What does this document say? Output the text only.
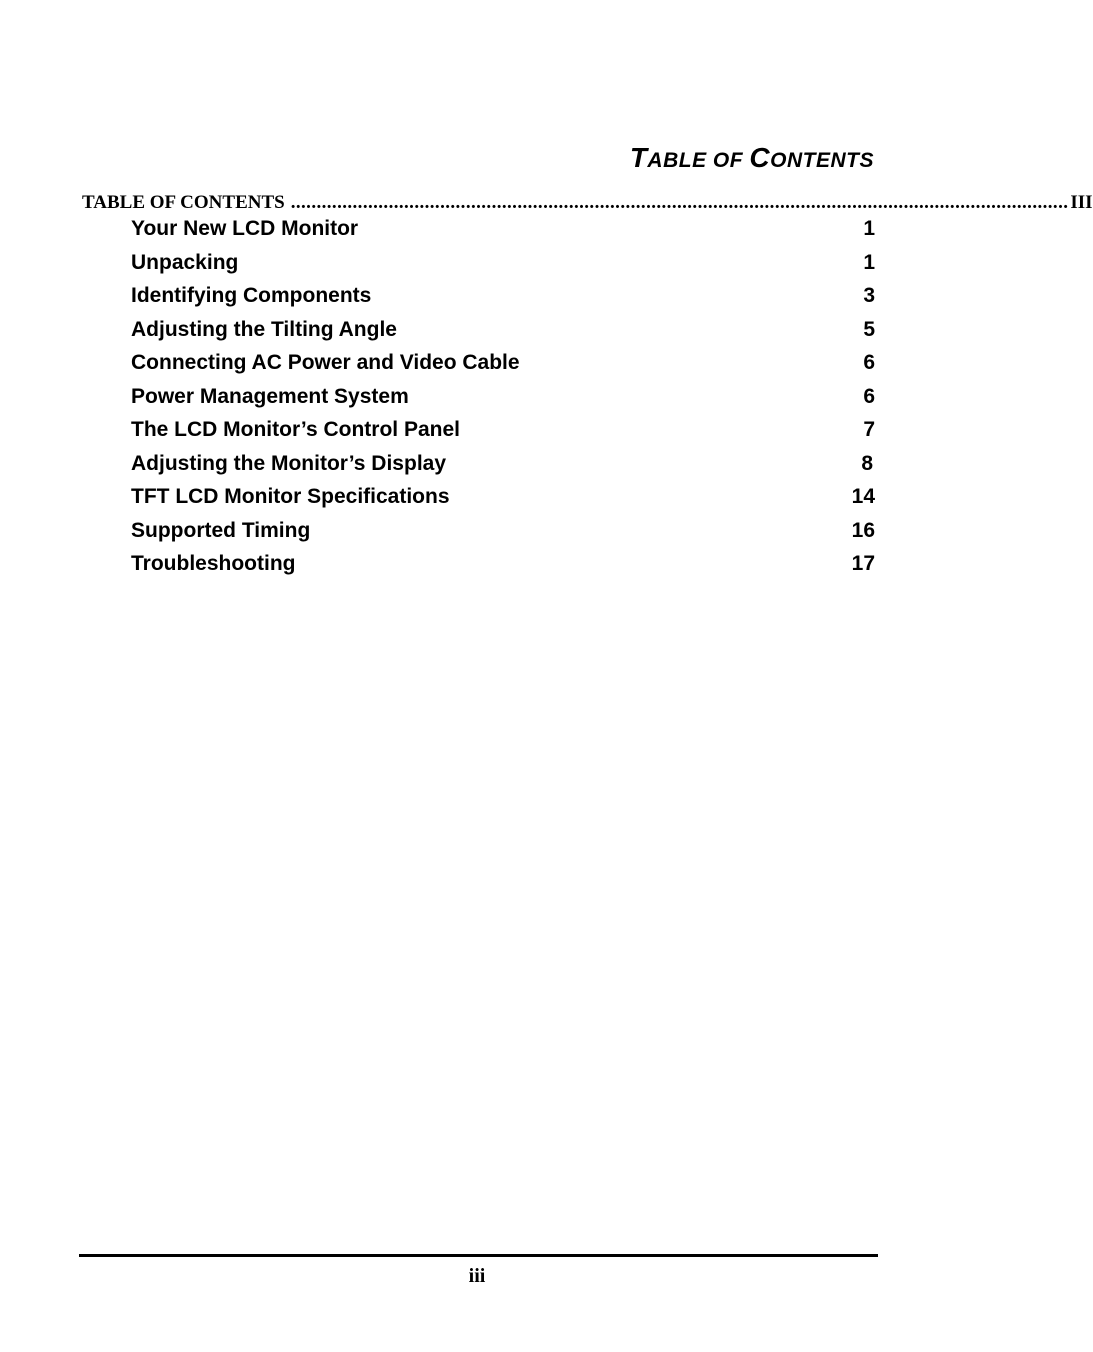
TABLE OF CONTENTS
TABLE OF CONTENTS ....................................................................................................................................................... III
Your New LCD Monitor	1
Unpacking	1
Identifying Components	3
Adjusting the Tilting Angle	5
Connecting AC Power and Video Cable	6
Power Management System	6
The LCD Monitor’s Control Panel	7
Adjusting the Monitor’s Display	8
TFT LCD Monitor Specifications	14
Supported Timing	16
Troubleshooting	17
iii
